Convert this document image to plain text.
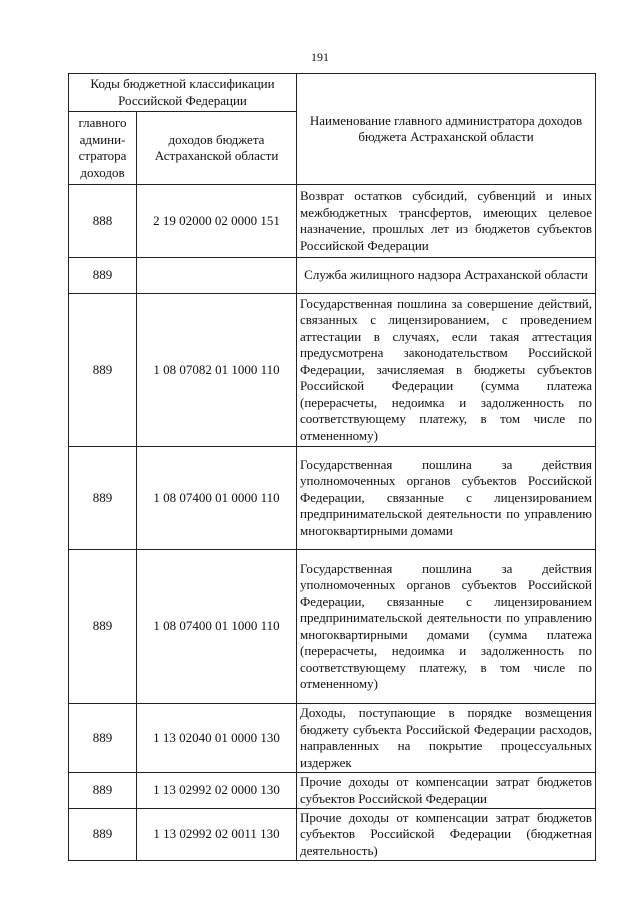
191
Коды бюджетной классификации Российской Федерации		Наименование главного администратора доходов бюджета Астраханской области
главного админи-стратора доходов	доходов бюджета Астраханской области	
888	2 19 02000 02 0000 151	Возврат остатков субсидий, субвенций и иных межбюджетных трансфертов, имеющих целевое назначение, прошлых лет из бюджетов субъектов Российской Федерации
889		Служба жилищного надзора Астраханской области
889	1 08 07082 01 1000 110	Государственная пошлина за совершение действий, связанных с лицензированием, с проведением аттестации в случаях, если такая аттестация предусмотрена законодательством Российской Федерации, зачисляемая в бюджеты субъектов Российской Федерации (сумма платежа (перерасчеты, недоимка и задолженность по соответствующему платежу, в том числе по отмененному)
889	1 08 07400 01 0000 110	Государственная пошлина за действия уполномоченных органов субъектов Российской Федерации, связанные с лицензированием предпринимательской деятельности по управлению многоквартирными домами
889	1 08 07400 01 1000 110	Государственная пошлина за действия уполномоченных органов субъектов Российской Федерации, связанные с лицензированием предпринимательской деятельности по управлению многоквартирными домами (сумма платежа (перерасчеты, недоимка и задолженность по соответствующему платежу, в том числе по отмененному)
889	1 13 02040 01 0000 130	Доходы, поступающие в порядке возмещения бюджету субъекта Российской Федерации расходов, направленных на покрытие процессуальных издержек
889	1 13 02992 02 0000 130	Прочие доходы от компенсации затрат бюджетов субъектов Российской Федерации
889	1 13 02992 02 0011 130	Прочие доходы от компенсации затрат бюджетов субъектов Российской Федерации (бюджетная деятельность)
